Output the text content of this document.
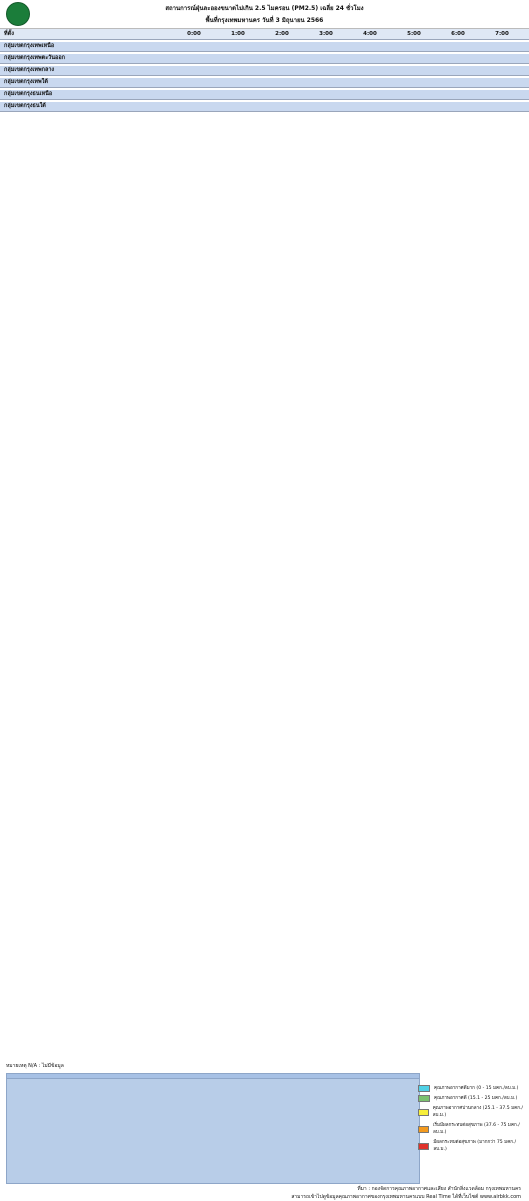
สถานการณ์ฝุ่นละอองขนาดไม่เกิน 2.5 ไมครอน (PM2.5) เฉลี่ย 24 ชั่วโมง
พื้นที่กรุงเทพมหานคร วันที่ 3 มิถุนายน 2566
ที่ตั้ง	0:00	1:00	2:00	3:00	4:00	5:00	6:00	7:00
กลุ่มเขตกรุงเทพเหนือ
กลุ่มเขตกรุงเทพตะวันออก
กลุ่มเขตกรุงเทพกลาง
กลุ่มเขตกรุงเทพใต้
กลุ่มเขตกรุงธนเหนือ
กลุ่มเขตกรุงธนใต้
หมายเหตุ N/A : ไม่มีข้อมูล
คุณภาพอากาศดีมาก (0 - 15 มคก./ลบ.ม.)
คุณภาพอากาศดี (15.1 - 25 มคก./ลบ.ม.)
คุณภาพอากาศปานกลาง (25.1 - 37.5 มคก./ลบ.ม.)
เริ่มมีผลกระทบต่อสุขภาพ (37.6 - 75 มคก./ลบ.ม.)
มีผลกระทบต่อสุขภาพ (มากกว่า 75 มคก./ลบ.ม.)
ที่มา : กองจัดการคุณภาพอากาศและเสียง สำนักสิ่งแวดล้อม กรุงเทพมหานคร
สามารถเข้าไปดูข้อมูลคุณภาพอากาศของกรุงเทพมหานครแบบ Real Time ได้ที่เว็บไซต์ www.airbkk.com
